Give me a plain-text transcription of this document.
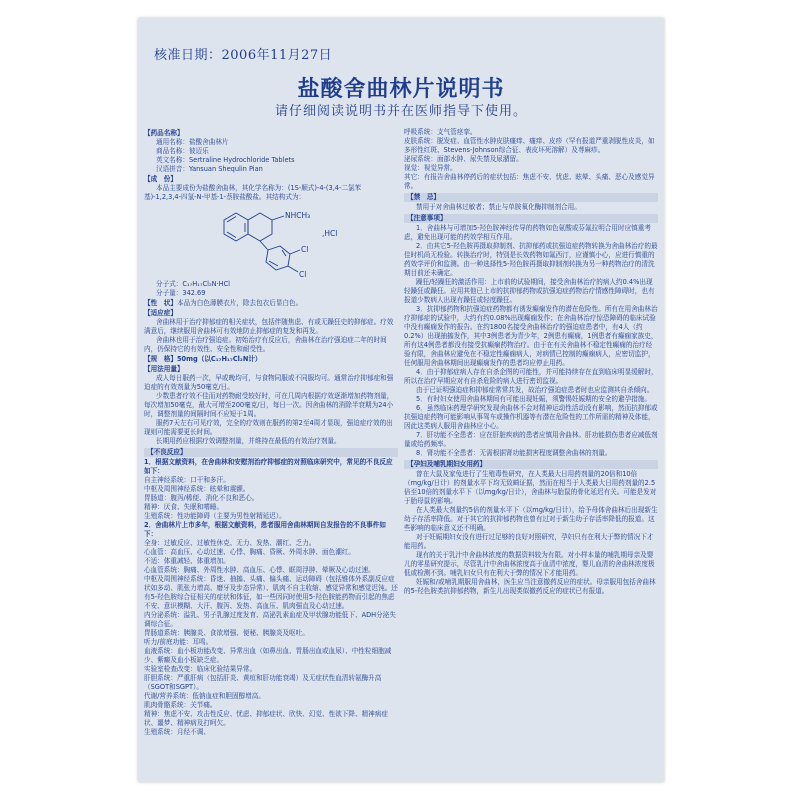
核准日期：2006年11月27日
盐酸舍曲林片说明书
请仔细阅读说明书并在医师指导下使用。
【药品名称】

通用名称：盐酸舍曲林片

商品名称：彼迈乐

英文名称：Sertraline Hydrochloride Tablets

汉语拼音：Yansuan Shequlin Pian

【成　份】

本品主要成份为盐酸舍曲林，其化学名称为：(1S-顺式)-4-(3,4-二氯苯基)-1,2,3,4-四氢-N-甲基-1-萘胺盐酸盐。其结构式为：

NHCH₃
,HCl
Cl
Cl

分子式：C₁₇H₁₇Cl₂N·HCl

分子量：342.69

【性　状】本品为白色薄膜衣片，除去包衣后显白色。
【适应症】

舍曲林用于治疗抑郁症的相关症状，包括伴随焦虑、有或无躁狂史的抑郁症。疗效满意后，继续服用舍曲林可有效地防止抑郁症的复发和再发。

舍曲林也用于治疗强迫症。初始治疗有反应后，舍曲林在治疗强迫症二年的时间内，仍保持它的有效性、安全性和耐受性。

【规　格】50mg（以C₁₇H₁₇Cl₂N计）
【用法用量】

成人每日服药一次，早或晚均可，与食物同服或不同服均可。通常治疗抑郁症和强迫症的有效剂量为50毫克/日。

少数患者疗效不佳而对药物耐受较好时，可在几周内根据疗效逐渐增加药物剂量，每次增加50毫克，最大可增至200毫克/日，每日一次。因舍曲林的消除半衰期为24小时，调整剂量的间隔时间不应短于1周。

服药7天左右可见疗效，完全的疗效则在服药的第2至4周才显现，强迫症疗效的出现则可能需要更长时间。

长期用药应根据疗效调整剂量，并维持在最低的有效治疗剂量。

【不良反应】

1．根据文献资料，在舍曲林和安慰剂治疗抑郁症的对照临床研究中，常见的不良反应如下：

自主神经系统：口干和多汗。

中枢及周围神经系统：眩晕和震颤。

胃肠道：腹泻/稀便、消化不良和恶心。

精神：厌食、失眠和嗜睡。

生殖系统：性功能障碍（主要为男性射精延迟）。

2．舍曲林片上市多年，根据文献资料，患者服用舍曲林期间自发报告的不良事件如下：

全身：过敏反应、过敏性休克、无力、发热、潮红、乏力。

心血管：高血压、心动过速、心悸、胸痛、昏厥、外周水肿、面色潮红。

不适：体重减轻、体重增加。

心血管系统：胸痛、外周性水肿、高血压、心悸、眶周浮肿、晕厥及心动过速。

中枢及周围神经系统：昏迷、抽搐、头痛、偏头痛、运动障碍（包括锥体外系副反应症状如多动、肌张力增高、磨牙及步态异常）、肌肉不自主收缩、感觉异常和感觉迟钝。还有5-羟色胺综合征相关的症状和体征，如一些因同时使用5-羟色胺能药物而引起的焦虑不安、意识模糊、大汗、腹泻、发热、高血压、肌肉强直及心动过速。

内分泌系统：溢乳、男子乳腺过度发育、高泌乳素血症及甲状腺功能低下、ADH分泌失调综合征。

胃肠道系统：胰腺炎、食欲增强、便秘、胰腺炎及呕吐。

听力/前庭功能：耳鸣。

血液系统：血小板功能改变、异常出血（如鼻出血、胃肠出血或血尿）、中性粒细胞减少、紫癜及血小板缺乏症。

实验室检查改变：临床化验结果异常。

肝胆系统：严重肝病（包括肝炎、黄疸和肝功能衰竭）及无症状性血清转氨酶升高（SGOT和SGPT）。

代谢/营养系统：低钠血症和胆固醇增高。

肌肉骨骼系统：关节痛。

精神：焦虑不安、攻击性反应、忧虑、抑郁症状、欣快、幻觉、性欲下降、精神病症状、噩梦、精神病及打呵欠。

生殖系统：月经不调、

呼吸系统：支气管痉挛。

皮肤系统：脱发症、血管性水肿皮肤瘙痒、瘙痒、皮疹（罕有报道严重剥脱性皮炎，如多形性红斑、Stevens-Johnson综合征、表皮坏死溶解）及荨麻疹。

泌尿系统：面部水肿、尿失禁及尿潴留。

视觉：视觉异常。

其它：有报告舍曲林停药后的症状包括：焦虑不安、忧虑、眩晕、头痛、恶心及感觉异常。

【禁　忌】

禁用于对舍曲林过敏者；禁止与单胺氧化酶抑制剂合用。

【注意事项】

1．舍曲林与可增加5-羟色胺神经传导的药物如色氨酸或芬氟拉明合用时应慎重考虑，避免出现可能的药效学相互作用。

2．由其它5-羟色胺再摄取抑制剂、抗抑郁药或抗强迫症药物转换为舍曲林治疗的最佳时机尚无检验。转换治疗时，特别是长效药物如氟西汀，应谨慎小心，应进行慎重的药效学评价和监测。由一种选择性5-羟色胺再摄取抑制剂转换为另一种药物治疗的清洗期目前还未确定。

躁狂/轻躁狂的激活作用：上市前的试验期间，接受舍曲林治疗的病人约0.4%出现轻躁狂或躁狂。应用其他已上市的抗抑郁药物或抗强迫症药物治疗情感性障碍时，也有报道少数病人出现有躁狂或轻度躁狂。

3．抗抑郁药物和抗强迫症药物都有诱发癫痫发作的潜在危险性。所有在用舍曲林治疗抑郁症的试验中，大约有约0.08%出现癫痫发作；在舍曲林治疗惊恐障碍的临床试验中没有癫痫发作的报告。在约1800名接受舍曲林治疗的强迫症患者中，有4人（约0.2%）出现抽搐发作，其中3例患者为青少年，2例患有癫痫，1例患者有癫痫家族史，所有这4例患者都没有接受抗癫痫药物治疗。由于在有关舍曲林不稳定性癫痫的治疗经验有限，舍曲林应避免在不稳定性癫痫病人，对病情已控制的癫痫病人，应密切监护，任何服用舍曲林期间出现癫痫发作的患者均应停止用药。

4．由于抑郁症病人存在自杀企图的可能性，并可能持续存在直到临床明显缓解时，所以在治疗早期应对有自杀危险的病人进行密切监视。

由于已证明强迫症和抑郁症常常共发，故治疗强迫症患者时也应监测其自杀倾向。

5．有时妇女使用舍曲林期间有可能出现妊娠，须警惕妊娠期的安全的避孕措施。

6．虽然临床药理学研究发现舍曲林不会对精神运动性活动没有影响，然而抗抑郁或抗强迫症药物可能影响从事驾车或操作机器等有潜在危险性的工作所需的精神及体能，因此这类病人服用舍曲林应小心。

7．肝功能不全患者：应在肝脏疾病的患者应慎用舍曲林。肝功能损伤患者应减低剂量或给药频率。

8．肾功能不全患者：无需根据肾功能损害程度调整舍曲林的剂量。

【孕妇及哺乳期妇女用药】

曾在大鼠及家兔进行了生殖毒性研究，在人类最大日用药剂量的20倍和10倍（mg/kg/日计）的剂量水平下均无致畸证据，然而在相当于人类最大日用药剂量的2.5倍至10倍的剂量水平下（以mg/kg/日计），舍曲林与胎鼠的骨化延迟有关。可能是发对于胎母鼠的影响。

在人类最大剂量约5倍的剂量水平下（以mg/kg/日计），给予母体舍曲林后出现新生幼子存活率降低。对于其它的抗抑郁药物也曾有过对于新生幼子存活率降低的报道。这些影响的临床意义还不明确。

对于妊娠期妇女没有进行过足够的良好对照研究，孕妇只有在利大于弊的情况下才能用药。

现有的关于乳汁中舍曲林浓度的数据资料较为有限。对小样本量的哺乳期母亲及婴儿的零星研究提示，尽管乳汁中舍曲林浓度高于血清中浓度，婴儿血清的舍曲林浓度极低或检测不到。哺乳妇女只有在利大于弊的情况下才能用药。

妊娠和/或哺乳期服用舍曲林，医生应当注意撤药反应的症状。母亲服用包括舍曲林的5-羟色胺类抗抑郁药物，新生儿出现类似撤药反应的症状已有报道。
